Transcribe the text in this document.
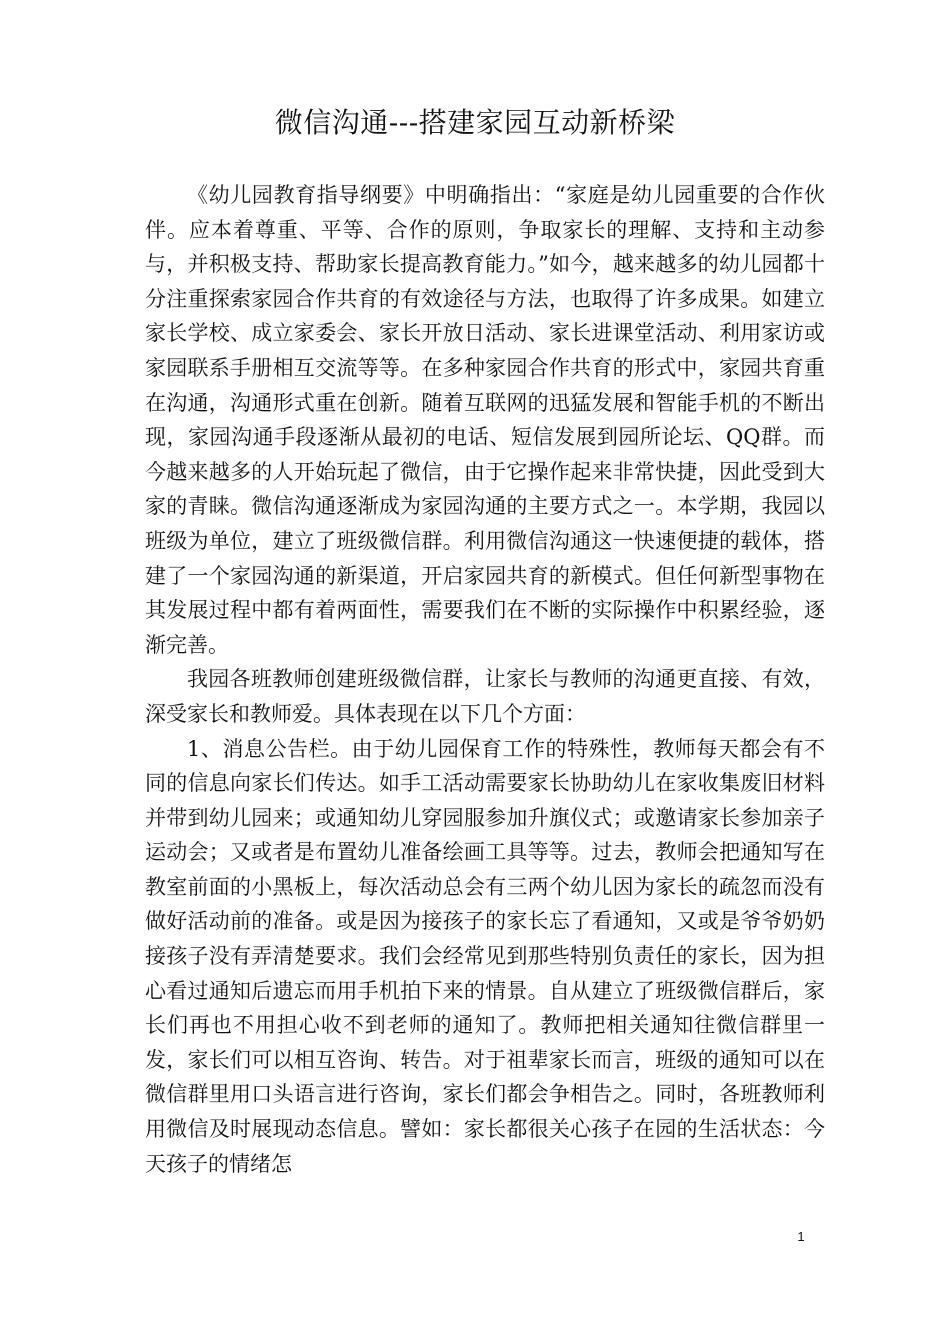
微信沟通---搭建家园互动新桥梁

《幼儿园教育指导纲要》中明确指出：“家庭是幼儿园重要的合作伙伴。应本着尊重、平等、合作的原则，争取家长的理解、支持和主动参与，并积极支持、帮助家长提高教育能力。”如今，越来越多的幼儿园都十分注重探索家园合作共育的有效途径与方法，也取得了许多成果。如建立家长学校、成立家委会、家长开放日活动、家长进课堂活动、利用家访或家园联系手册相互交流等等。在多种家园合作共育的形式中，家园共育重在沟通，沟通形式重在创新。随着互联网的迅猛发展和智能手机的不断出现，家园沟通手段逐渐从最初的电话、短信发展到园所论坛、QQ群。而今越来越多的人开始玩起了微信，由于它操作起来非常快捷，因此受到大家的青睐。微信沟通逐渐成为家园沟通的主要方式之一。本学期，我园以班级为单位，建立了班级微信群。利用微信沟通这一快速便捷的载体，搭建了一个家园沟通的新渠道，开启家园共育的新模式。但任何新型事物在其发展过程中都有着两面性，需要我们在不断的实际操作中积累经验，逐渐完善。

我园各班教师创建班级微信群，让家长与教师的沟通更直接、有效，深受家长和教师爱。具体表现在以下几个方面：

1、消息公告栏。由于幼儿园保育工作的特殊性，教师每天都会有不同的信息向家长们传达。如手工活动需要家长协助幼儿在家收集废旧材料并带到幼儿园来；或通知幼儿穿园服参加升旗仪式；或邀请家长参加亲子运动会；又或者是布置幼儿准备绘画工具等等。过去，教师会把通知写在教室前面的小黑板上，每次活动总会有三两个幼儿因为家长的疏忽而没有做好活动前的准备。或是因为接孩子的家长忘了看通知，又或是爷爷奶奶接孩子没有弄清楚要求。我们会经常见到那些特别负责任的家长，因为担心看过通知后遗忘而用手机拍下来的情景。自从建立了班级微信群后，家长们再也不用担心收不到老师的通知了。教师把相关通知往微信群里一发，家长们可以相互咨询、转告。对于祖辈家长而言，班级的通知可以在微信群里用口头语言进行咨询，家长们都会争相告之。同时，各班教师利用微信及时展现动态信息。譬如：家长都很关心孩子在园的生活状态：今天孩子的情绪怎

1
